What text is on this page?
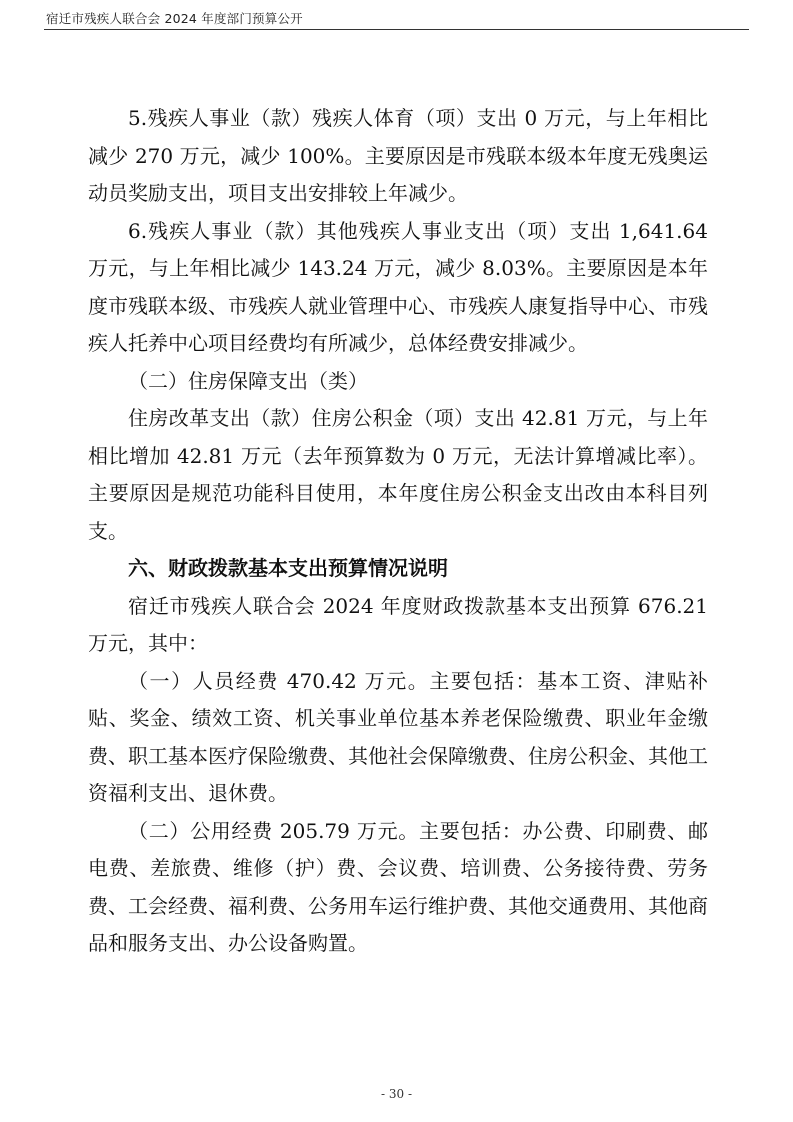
宿迁市残疾人联合会 2024 年度部门预算公开

5.残疾人事业（款）残疾人体育（项）支出 0 万元，与上年相比减少 270 万元，减少 100%。主要原因是市残联本级本年度无残奥运动员奖励支出，项目支出安排较上年减少。

6.残疾人事业（款）其他残疾人事业支出（项）支出 1,641.64 万元，与上年相比减少 143.24 万元，减少 8.03%。主要原因是本年度市残联本级、市残疾人就业管理中心、市残疾人康复指导中心、市残疾人托养中心项目经费均有所减少，总体经费安排减少。

（二）住房保障支出（类）

住房改革支出（款）住房公积金（项）支出 42.81 万元，与上年相比增加 42.81 万元（去年预算数为 0 万元，无法计算增减比率）。主要原因是规范功能科目使用，本年度住房公积金支出改由本科目列支。

六、财政拨款基本支出预算情况说明

宿迁市残疾人联合会 2024 年度财政拨款基本支出预算 676.21 万元，其中：

（一）人员经费 470.42 万元。主要包括：基本工资、津贴补贴、奖金、绩效工资、机关事业单位基本养老保险缴费、职业年金缴费、职工基本医疗保险缴费、其他社会保障缴费、住房公积金、其他工资福利支出、退休费。

（二）公用经费 205.79 万元。主要包括：办公费、印刷费、邮电费、差旅费、维修（护）费、会议费、培训费、公务接待费、劳务费、工会经费、福利费、公务用车运行维护费、其他交通费用、其他商品和服务支出、办公设备购置。

- 30 -
